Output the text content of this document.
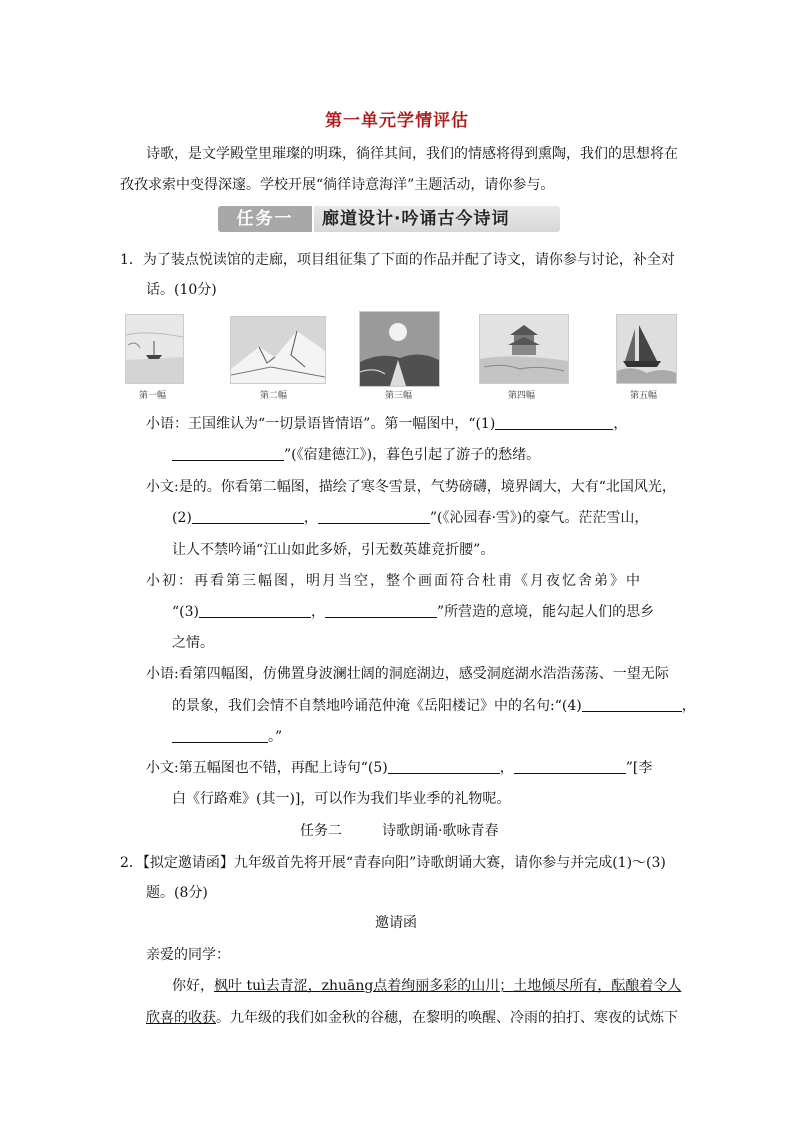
第一单元学情评估
诗歌，是文学殿堂里璀璨的明珠，徜徉其间，我们的情感将得到熏陶，我们的思想将在
孜孜求索中变得深邃。学校开展“徜徉诗意海洋”主题活动，请你参与。
任务一	廊道设计·吟诵古今诗词
1．为了装点悦读馆的走廊，项目组征集了下面的作品并配了诗文，请你参与讨论，补全对
话。(10分)
第一幅	第二幅	第三幅	第四幅	第五幅
小语：王国维认为“一切景语皆情语”。第一幅图中，“(1)	，
”(《宿建德江》)，暮色引起了游子的愁绪。
小文:是的。你看第二幅图，描绘了寒冬雪景，气势磅礴，境界阔大，大有“北国风光，
(2)	，	”(《沁园春·雪》)的豪气。茫茫雪山，
让人不禁吟诵“江山如此多娇，引无数英雄竞折腰”。
小初：再看第三幅图，明月当空，整个画面符合杜甫《月夜忆舍弟》中
“(3)	，	”所营造的意境，能勾起人们的思乡
之情。
小语:看第四幅图，仿佛置身波澜壮阔的洞庭湖边，感受洞庭湖水浩浩荡荡、一望无际
的景象，我们会情不自禁地吟诵范仲淹《岳阳楼记》中的名句:“(4)	，
。”
小文:第五幅图也不错，再配上诗句“(5)	，	”[李
白《行路难》(其一)]，可以作为我们毕业季的礼物呢。
任务二	诗歌朗诵·歌咏青春
2．【拟定邀请函】九年级首先将开展“青春向阳”诗歌朗诵大赛，请你参与并完成(1)～(3)
题。(8分)
邀请函
亲爱的同学：
你好，枫叶 tuì去青涩，zhuāng点着绚丽多彩的山川；土地倾尽所有，酝酿着令人
欣喜的收获。九年级的我们如金秋的谷穗，在黎明的唤醒、冷雨的拍打、寒夜的试炼下
